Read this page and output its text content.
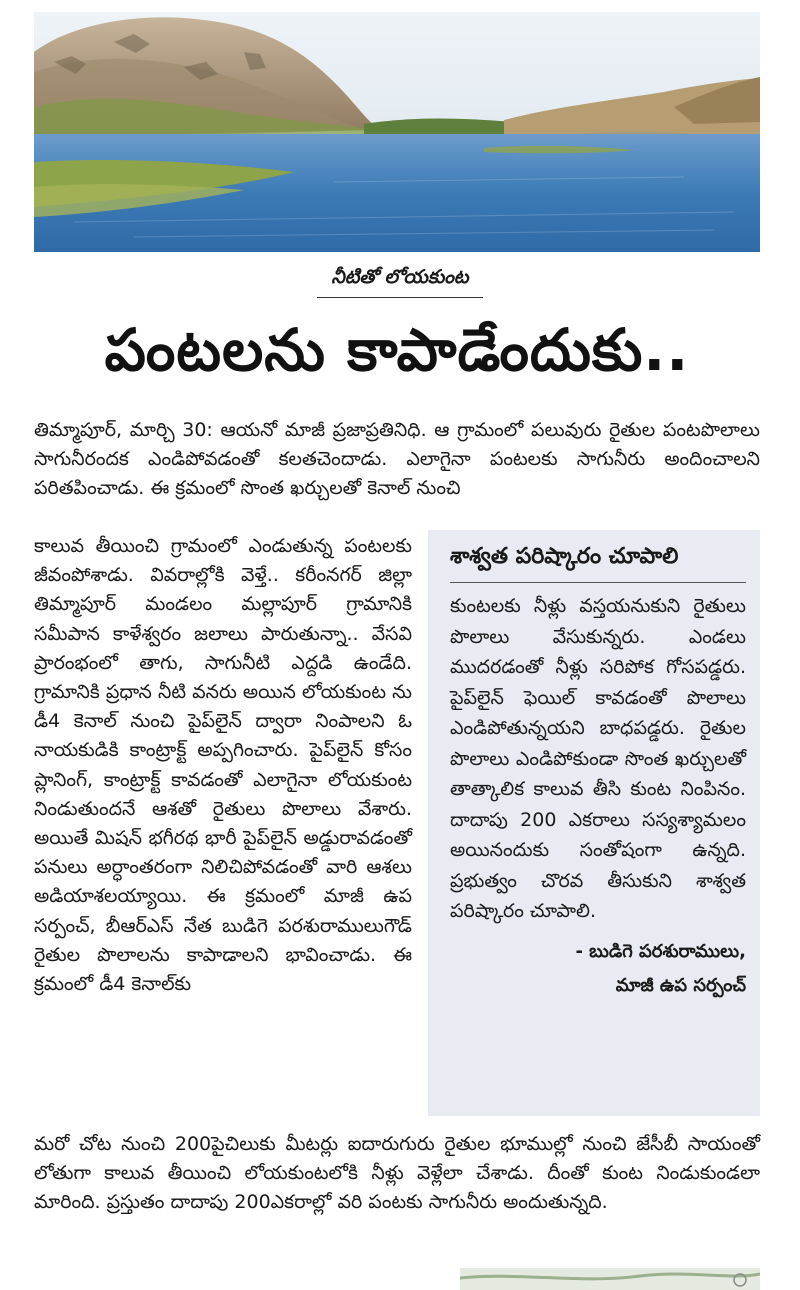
నీటితో లోయకుంట
పంటలను కాపాడేందుకు..
తిమ్మాపూర్, మార్చి 30: ఆయనో మాజీ ప్రజాప్రతినిధి. ఆ గ్రామంలో పలువురు రైతుల పంటపొలాలు సాగునీరందక ఎండిపోవడంతో కలతచెందాడు. ఎలాగైనా పంటలకు సాగునీరు అందించాలని పరితపించాడు. ఈ క్రమంలో సొంత ఖర్చులతో కెనాల్ నుంచి
కాలువ తీయించి గ్రామంలో ఎండుతున్న పంటలకు జీవంపోశాడు. వివరాల్లోకి వెళ్తే.. కరీంనగర్ జిల్లా తిమ్మాపూర్ మండలం మల్లాపూర్ గ్రామానికి సమీపాన కాళేశ్వరం జలాలు పారుతున్నా.. వేసవి ప్రారంభంలో తాగు, సాగునీటి ఎద్దడి ఉండేది. గ్రామానికి ప్రధాన నీటి వనరు అయిన లోయకుంట ను డీ4 కెనాల్ నుంచి పైప్‌లైన్ ద్వారా నింపాలని ఓ నాయకుడికి కాంట్రాక్ట్ అప్పగించారు. పైప్‌లైన్ కోసం ప్లానింగ్, కాంట్రాక్ట్ కావడంతో ఎలాగైనా లోయకుంట నిండుతుందనే ఆశతో రైతులు పొలాలు వేశారు. అయితే మిషన్ భగీరథ భారీ పైప్‌లైన్ అడ్డురావడంతో పనులు అర్ధాంతరంగా నిలిచిపోవడంతో వారి ఆశలు అడియాశలయ్యాయి. ఈ క్రమంలో మాజీ ఉప సర్పంచ్, బీఆర్‌ఎస్ నేత బుడిగె పరశురాములుగౌడ్ రైతుల పొలాలను కాపాడాలని భావించాడు. ఈ క్రమంలో డీ4 కెనాల్‌కు
శాశ్వత పరిష్కారం చూపాలి
కుంటలకు నీళ్లు వస్తయనుకుని రైతులు పొలాలు వేసుకున్నరు. ఎండలు ముదరడంతో నీళ్లు సరిపోక గోసపడ్డరు. పైప్‌లైన్ ఫెయిల్ కావడంతో పొలాలు ఎండిపోతున్నయని బాధపడ్డరు. రైతుల పొలాలు ఎండిపోకుండా సొంత ఖర్చులతో తాత్కాలిక కాలువ తీసి కుంట నింపినం. దాదాపు 200 ఎకరాలు సస్యశ్యామలం అయినందుకు సంతోషంగా ఉన్నది. ప్రభుత్వం చొరవ తీసుకుని శాశ్వత పరిష్కారం చూపాలి.
- బుడిగె పరశురాములు,
మాజీ ఉప సర్పంచ్
మరో చోట నుంచి 200పైచిలుకు మీటర్లు ఐదారుగురు రైతుల భూముల్లో నుంచి జేసీబీ సాయంతో లోతుగా కాలువ తీయించి లోయకుంటలోకి నీళ్లు వెళ్లేలా చేశాడు. దీంతో కుంట నిండుకుండలా మారింది. ప్రస్తుతం దాదాపు 200ఎకరాల్లో వరి పంటకు సాగునీరు అందుతున్నది.
